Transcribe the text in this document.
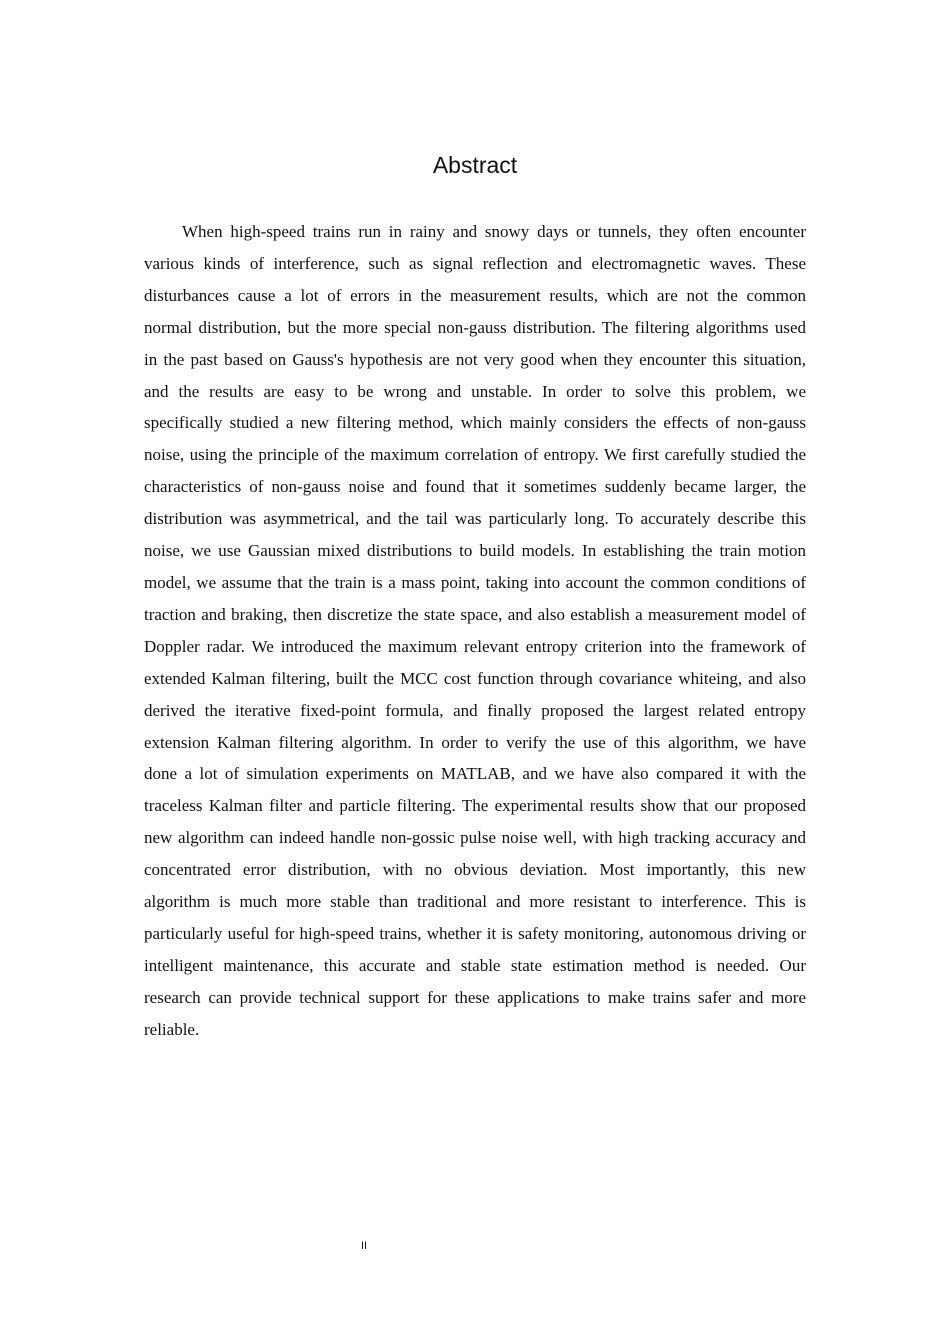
Abstract

When high-speed trains run in rainy and snowy days or tunnels, they often encounter various kinds of interference, such as signal reflection and electromagnetic waves. These disturbances cause a lot of errors in the measurement results, which are not the common normal distribution, but the more special non-gauss distribution. The filtering algorithms used in the past based on Gauss's hypothesis are not very good when they encounter this situation, and the results are easy to be wrong and unstable. In order to solve this problem, we specifically studied a new filtering method, which mainly considers the effects of non-gauss noise, using the principle of the maximum correlation of entropy. We first carefully studied the characteristics of non-gauss noise and found that it sometimes suddenly became larger, the distribution was asymmetrical, and the tail was particularly long. To accurately describe this noise, we use Gaussian mixed distributions to build models. In establishing the train motion model, we assume that the train is a mass point, taking into account the common conditions of traction and braking, then discretize the state space, and also establish a measurement model of Doppler radar. We introduced the maximum relevant entropy criterion into the framework of extended Kalman filtering, built the MCC cost function through covariance whiteing, and also derived the iterative fixed-point formula, and finally proposed the largest related entropy extension Kalman filtering algorithm. In order to verify the use of this algorithm, we have done a lot of simulation experiments on MATLAB, and we have also compared it with the traceless Kalman filter and particle filtering. The experimental results show that our proposed new algorithm can indeed handle non-gossic pulse noise well, with high tracking accuracy and concentrated error distribution, with no obvious deviation. Most importantly, this new algorithm is much more stable than traditional and more resistant to interference. This is particularly useful for high-speed trains, whether it is safety monitoring, autonomous driving or intelligent maintenance, this accurate and stable state estimation method is needed. Our research can provide technical support for these applications to make trains safer and more reliable.

II
